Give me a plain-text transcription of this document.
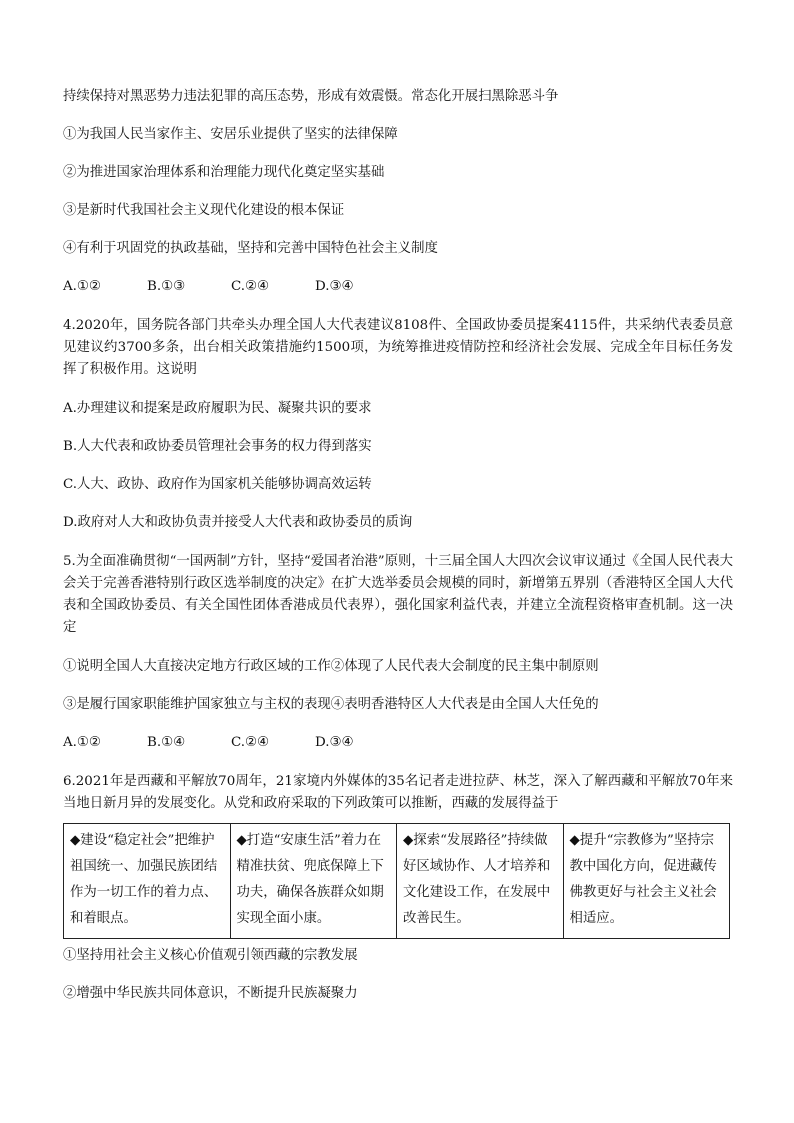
持续保持对黑恶势力违法犯罪的高压态势，形成有效震慑。常态化开展扫黑除恶斗争

①为我国人民当家作主、安居乐业提供了坚实的法律保障

②为推进国家治理体系和治理能力现代化奠定坚实基础

③是新时代我国社会主义现代化建设的根本保证

④有利于巩固党的执政基础，坚持和完善中国特色社会主义制度

A.①②	B.①③	C.②④	D.③④

4.2020年，国务院各部门共牵头办理全国人大代表建议8108件、全国政协委员提案4115件，共采纳代表委员意见建议约3700多条，出台相关政策措施约1500项，为统筹推进疫情防控和经济社会发展、完成全年目标任务发挥了积极作用。这说明

A.办理建议和提案是政府履职为民、凝聚共识的要求

B.人大代表和政协委员管理社会事务的权力得到落实

C.人大、政协、政府作为国家机关能够协调高效运转

D.政府对人大和政协负责并接受人大代表和政协委员的质询

5.为全面准确贯彻“一国两制”方针，坚持“爱国者治港”原则，十三届全国人大四次会议审议通过《全国人民代表大会关于完善香港特别行政区选举制度的决定》在扩大选举委员会规模的同时，新增第五界别（香港特区全国人大代表和全国政协委员、有关全国性团体香港成员代表界），强化国家利益代表，并建立全流程资格审查机制。这一决定

①说明全国人大直接决定地方行政区域的工作②体现了人民代表大会制度的民主集中制原则

③是履行国家职能维护国家独立与主权的表现④表明香港特区人大代表是由全国人大任免的

A.①②	B.①④	C.②④	D.③④

6.2021年是西藏和平解放70周年，21家境内外媒体的35名记者走进拉萨、林芝，深入了解西藏和平解放70年来当地日新月异的发展变化。从党和政府采取的下列政策可以推断，西藏的发展得益于

◆建设“稳定社会”把维护祖国统一、加强民族团结作为一切工作的着力点、和着眼点。	◆打造“安康生活”着力在精准扶贫、兜底保障上下功夫，确保各族群众如期实现全面小康。	◆探索“发展路径”持续做好区域协作、人才培养和文化建设工作，在发展中改善民生。	◆提升“宗教修为”坚持宗教中国化方向，促进藏传佛教更好与社会主义社会相适应。

①坚持用社会主义核心价值观引领西藏的宗教发展

②增强中华民族共同体意识，不断提升民族凝聚力
